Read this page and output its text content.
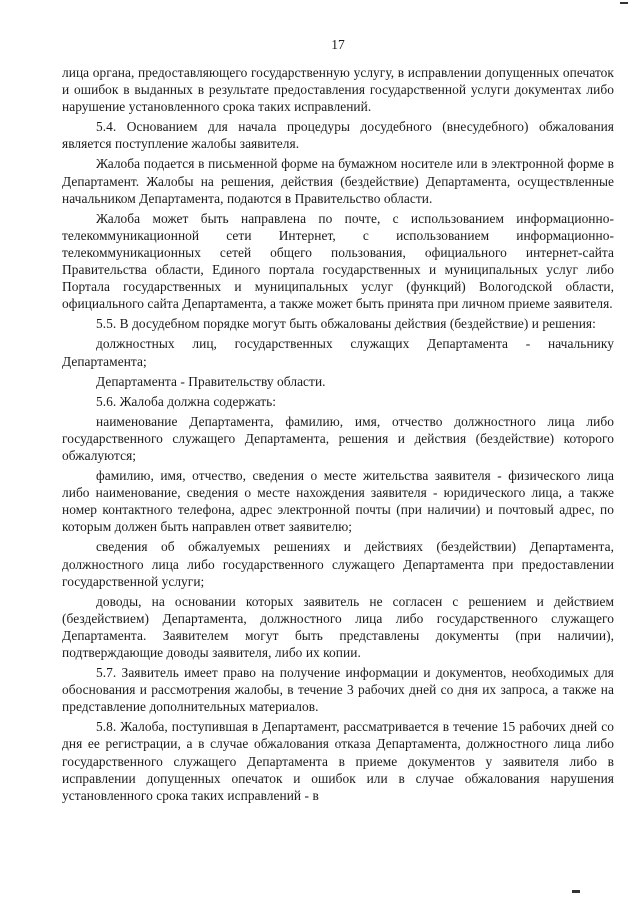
17

лица органа, предоставляющего государственную услугу, в исправлении допущенных опечаток и ошибок в выданных в результате предоставления государственной услуги документах либо нарушение установленного срока таких исправлений.

5.4. Основанием для начала процедуры досудебного (внесудебного) обжалования является поступление жалобы заявителя.

Жалоба подается в письменной форме на бумажном носителе или в электронной форме в Департамент. Жалобы на решения, действия (бездействие) Департамента, осуществленные начальником Департамента, подаются в Правительство области.

Жалоба может быть направлена по почте, с использованием информационно-телекоммуникационной сети Интернет, с использованием информационно-телекоммуникационных сетей общего пользования, официального интернет-сайта Правительства области, Единого портала государственных и муниципальных услуг либо Портала государственных и муниципальных услуг (функций) Вологодской области, официального сайта Департамента, а также может быть принята при личном приеме заявителя.

5.5. В досудебном порядке могут быть обжалованы действия (бездействие) и решения:

должностных лиц, государственных служащих Департамента - начальнику Департамента;

Департамента - Правительству области.

5.6. Жалоба должна содержать:

наименование Департамента, фамилию, имя, отчество должностного лица либо государственного служащего Департамента, решения и действия (бездействие) которого обжалуются;

фамилию, имя, отчество, сведения о месте жительства заявителя - физического лица либо наименование, сведения о месте нахождения заявителя - юридического лица, а также номер контактного телефона, адрес электронной почты (при наличии) и почтовый адрес, по которым должен быть направлен ответ заявителю;

сведения об обжалуемых решениях и действиях (бездействии) Департамента, должностного лица либо государственного служащего Департамента при предоставлении государственной услуги;

доводы, на основании которых заявитель не согласен с решением и действием (бездействием) Департамента, должностного лица либо государственного служащего Департамента. Заявителем могут быть представлены документы (при наличии), подтверждающие доводы заявителя, либо их копии.

5.7. Заявитель имеет право на получение информации и документов, необходимых для обоснования и рассмотрения жалобы, в течение 3 рабочих дней со дня их запроса, а также на представление дополнительных материалов.

5.8. Жалоба, поступившая в Департамент, рассматривается в течение 15 рабочих дней со дня ее регистрации, а в случае обжалования отказа Департамента, должностного лица либо государственного служащего Департамента в приеме документов у заявителя либо в исправлении допущенных опечаток и ошибок или в случае обжалования нарушения установленного срока таких исправлений - в
